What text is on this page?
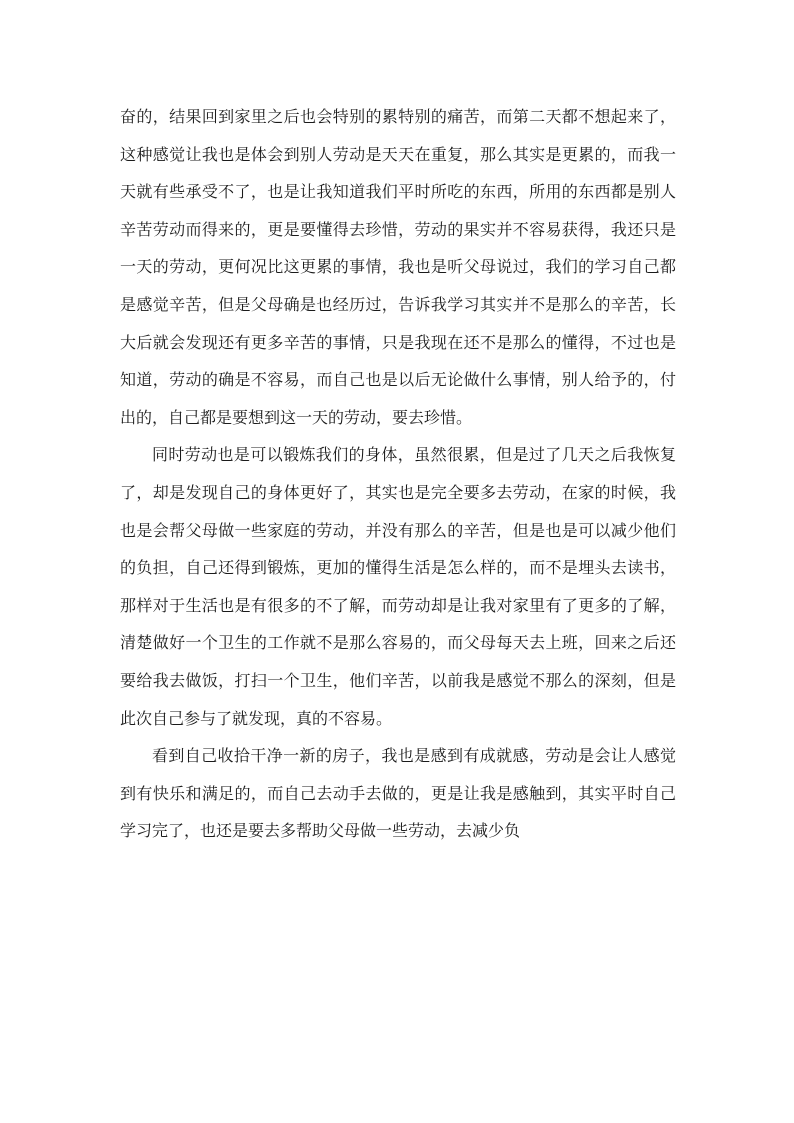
奋的，结果回到家里之后也会特别的累特别的痛苦，而第二天都不想起来了，这种感觉让我也是体会到别人劳动是天天在重复，那么其实是更累的，而我一天就有些承受不了，也是让我知道我们平时所吃的东西，所用的东西都是别人辛苦劳动而得来的，更是要懂得去珍惜，劳动的果实并不容易获得，我还只是一天的劳动，更何况比这更累的事情，我也是听父母说过，我们的学习自己都是感觉辛苦，但是父母确是也经历过，告诉我学习其实并不是那么的辛苦，长大后就会发现还有更多辛苦的事情，只是我现在还不是那么的懂得，不过也是知道，劳动的确是不容易，而自己也是以后无论做什么事情，别人给予的，付出的，自己都是要想到这一天的劳动，要去珍惜。

同时劳动也是可以锻炼我们的身体，虽然很累，但是过了几天之后我恢复了，却是发现自己的身体更好了，其实也是完全要多去劳动，在家的时候，我也是会帮父母做一些家庭的劳动，并没有那么的辛苦，但是也是可以减少他们的负担，自己还得到锻炼，更加的懂得生活是怎么样的，而不是埋头去读书，那样对于生活也是有很多的不了解，而劳动却是让我对家里有了更多的了解，清楚做好一个卫生的工作就不是那么容易的，而父母每天去上班，回来之后还要给我去做饭，打扫一个卫生，他们辛苦，以前我是感觉不那么的深刻，但是此次自己参与了就发现，真的不容易。

看到自己收拾干净一新的房子，我也是感到有成就感，劳动是会让人感觉到有快乐和满足的，而自己去动手去做的，更是让我是感触到，其实平时自己学习完了，也还是要去多帮助父母做一些劳动，去减少负
